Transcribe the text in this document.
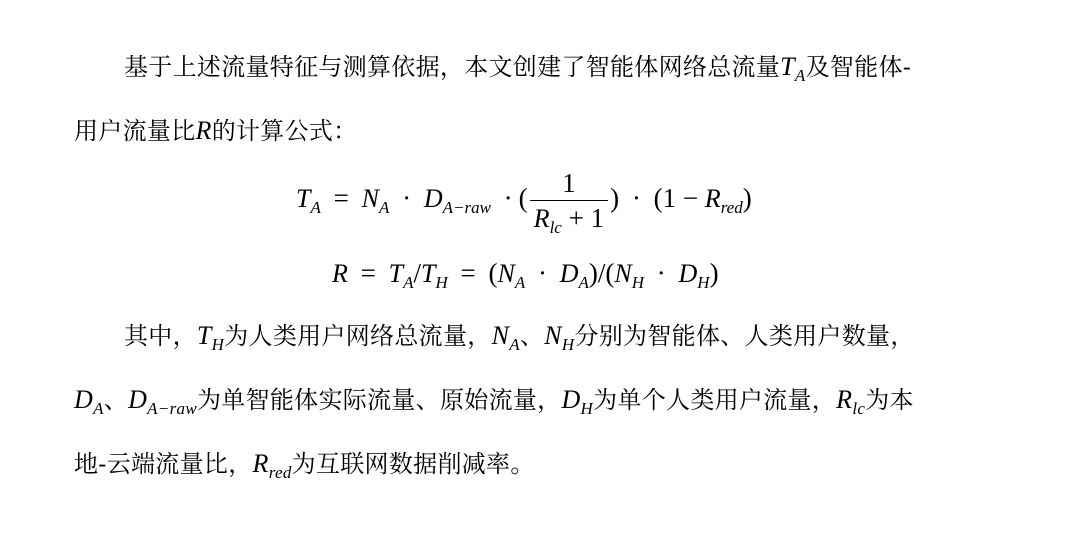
基于上述流量特征与测算依据，本文创建了智能体网络总流量$T_A$及智能体-
用户流量比R的计算公式：
$T_A = N_A \cdot D_{A-raw}$ · ( $\frac{1}{R_{lc} + 1}$ ) · $(1 - R_{red})$
$R = T_A/T_H = (N_A \cdot D_A)/(N_H \cdot D_H)$
其中，$T_H$为人类用户网络总流量，$N_A$、$N_H$分别为智能体、人类用户数量，
$D_A$、$D_{A-raw}$为单智能体实际流量、原始流量，$D_H$为单个人类用户流量，$R_{lc}$为本
地-云端流量比，$R_{red}$为互联网数据削减率。
